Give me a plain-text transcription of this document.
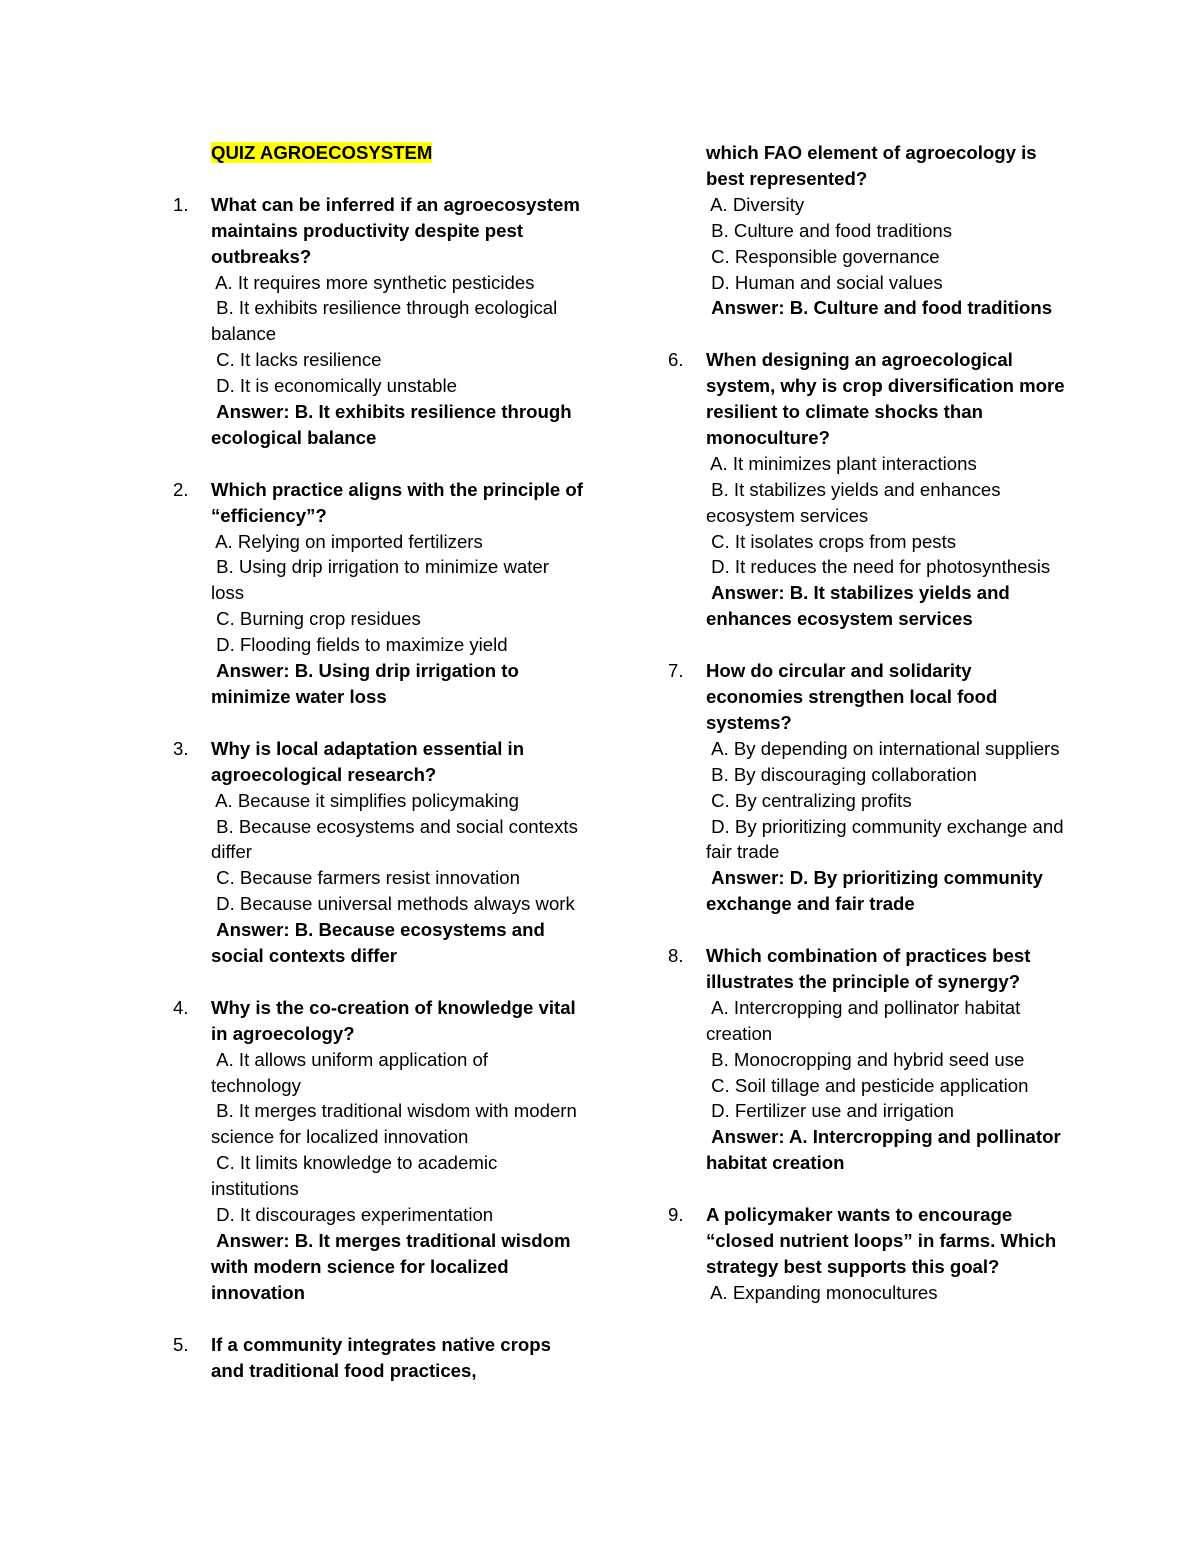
QUIZ AGROECOSYSTEM
1.	What can be inferred if an agroecosystem maintains productivity despite pest outbreaks?
A. It requires more synthetic pesticides
B. It exhibits resilience through ecological balance
C. It lacks resilience
D. It is economically unstable
Answer: B. It exhibits resilience through ecological balance
2.	Which practice aligns with the principle of “efficiency”?
A. Relying on imported fertilizers
B. Using drip irrigation to minimize water loss
C. Burning crop residues
D. Flooding fields to maximize yield
Answer: B. Using drip irrigation to minimize water loss
3.	Why is local adaptation essential in agroecological research?
A. Because it simplifies policymaking
B. Because ecosystems and social contexts differ
C. Because farmers resist innovation
D. Because universal methods always work
Answer: B. Because ecosystems and social contexts differ
4.	Why is the co-creation of knowledge vital in agroecology?
A. It allows uniform application of technology
B. It merges traditional wisdom with modern science for localized innovation
C. It limits knowledge to academic institutions
D. It discourages experimentation
Answer: B. It merges traditional wisdom with modern science for localized innovation
5.	If a community integrates native crops and traditional food practices,
which FAO element of agroecology is best represented?
A. Diversity
B. Culture and food traditions
C. Responsible governance
D. Human and social values
Answer: B. Culture and food traditions
6.	When designing an agroecological system, why is crop diversification more resilient to climate shocks than monoculture?
A. It minimizes plant interactions
B. It stabilizes yields and enhances ecosystem services
C. It isolates crops from pests
D. It reduces the need for photosynthesis
Answer: B. It stabilizes yields and enhances ecosystem services
7.	How do circular and solidarity economies strengthen local food systems?
A. By depending on international suppliers
B. By discouraging collaboration
C. By centralizing profits
D. By prioritizing community exchange and fair trade
Answer: D. By prioritizing community exchange and fair trade
8.	Which combination of practices best illustrates the principle of synergy?
A. Intercropping and pollinator habitat creation
B. Monocropping and hybrid seed use
C. Soil tillage and pesticide application
D. Fertilizer use and irrigation
Answer: A. Intercropping and pollinator habitat creation
9.	A policymaker wants to encourage “closed nutrient loops” in farms. Which strategy best supports this goal?
A. Expanding monocultures
